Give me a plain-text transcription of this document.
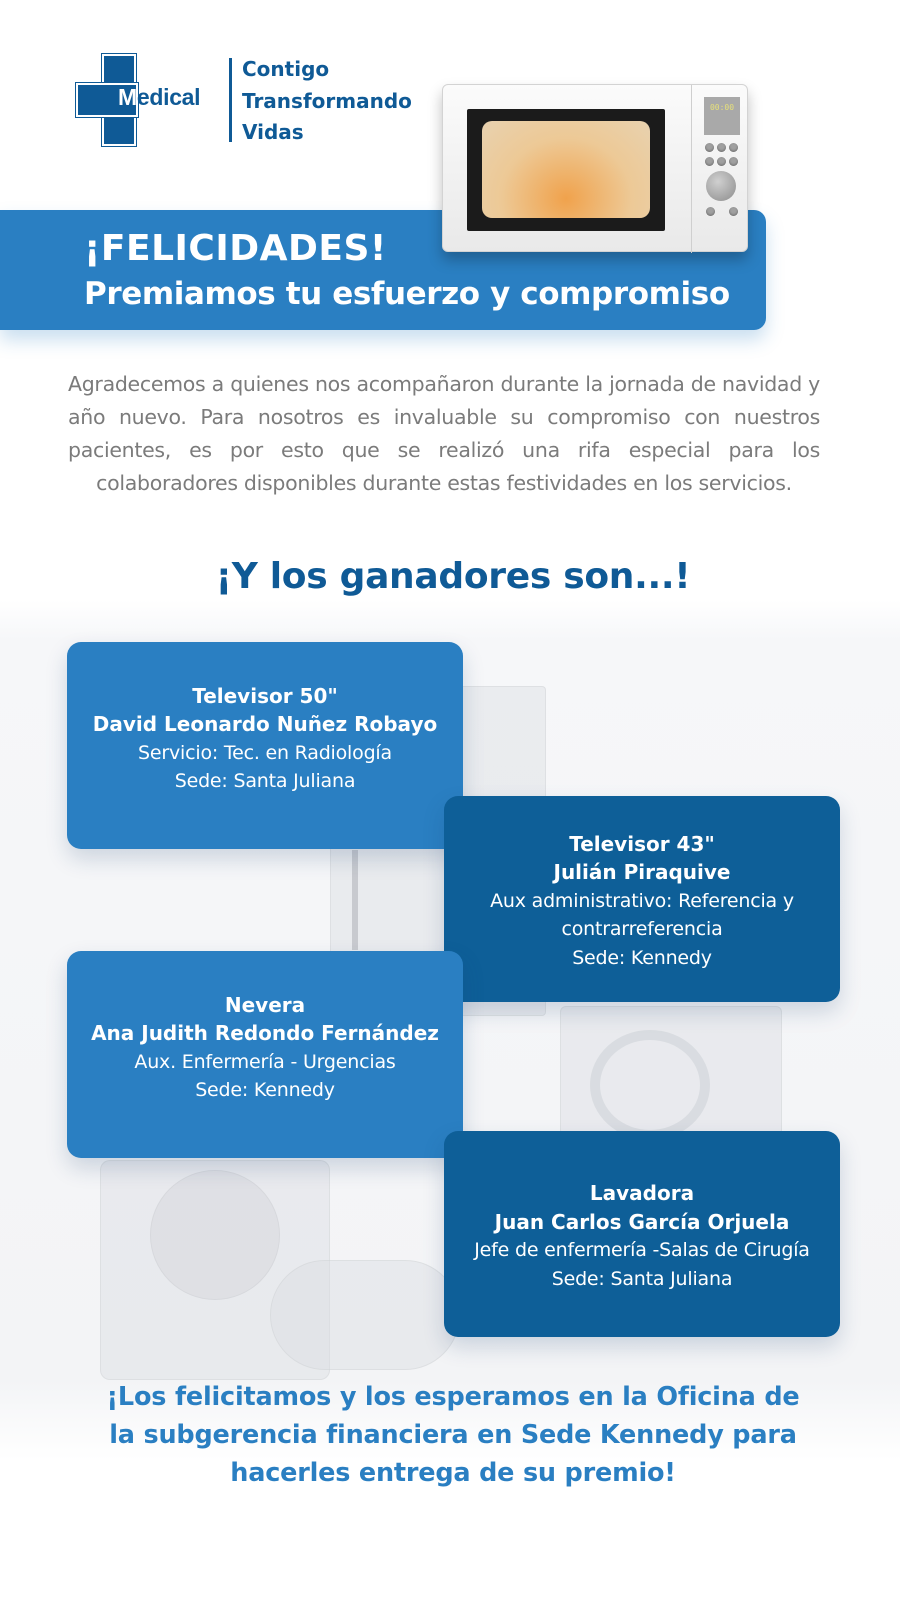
Medical
Contigo
Transformando
Vidas
00:00
¡FELICIDADES!
Premiamos tu esfuerzo y compromiso

Agradecemos a quienes nos acompañaron durante la jornada de navidad y año nuevo. Para nosotros es invaluable su compromiso con nuestros pacientes, es por esto que se realizó una rifa especial para los colaboradores disponibles durante estas festividades en los servicios.

¡Y los ganadores son...!
Televisor 50"
David Leonardo Nuñez Robayo
Servicio: Tec. en Radiología
Sede: Santa Juliana
Televisor 43"
Julián Piraquive
Aux administrativo: Referencia y contrarreferencia
Sede: Kennedy
Nevera
Ana Judith Redondo Fernández
Aux. Enfermería - Urgencias
Sede: Kennedy
Lavadora
Juan Carlos García Orjuela
Jefe de enfermería -Salas de Cirugía
Sede: Santa Juliana

¡Los felicitamos y los esperamos en la Oficina de la subgerencia financiera en Sede Kennedy para hacerles entrega de su premio!
